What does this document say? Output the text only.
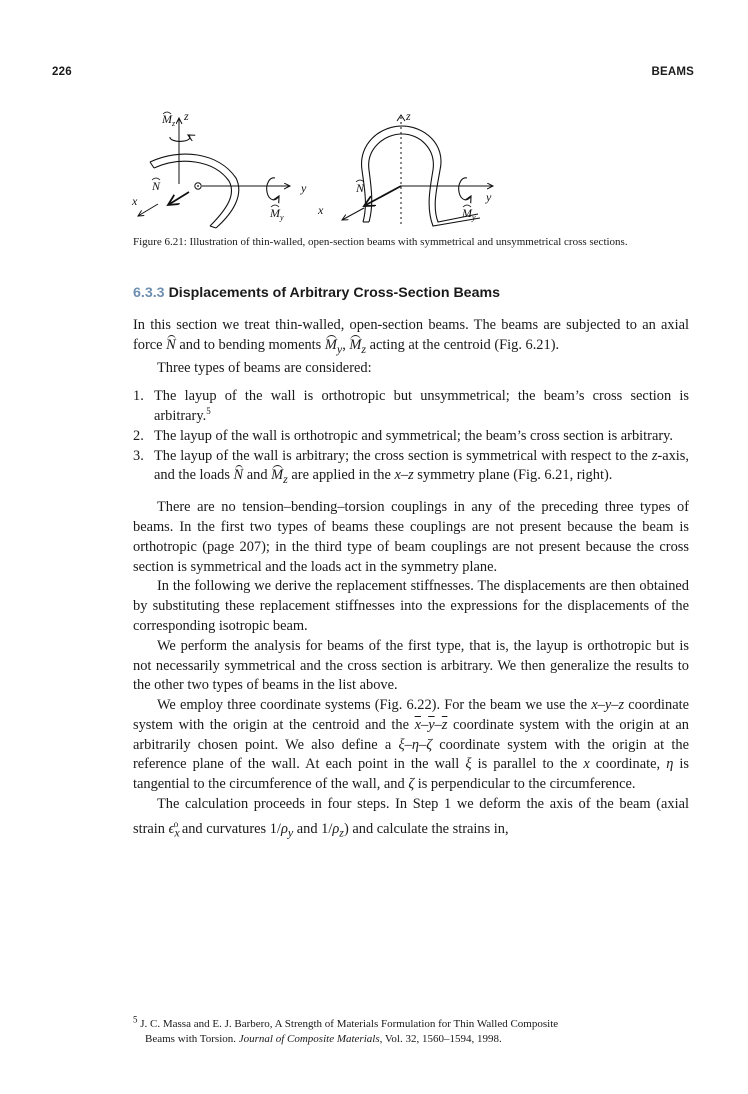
226	BEAMS
$M_z$
z
N
x
y
$M_y$
z
N
x
y
$M_y$
Figure 6.21: Illustration of thin-walled, open-section beams with symmetrical and unsymmetrical cross sections.
6.3.3 Displacements of Arbitrary Cross-Section Beams

In this section we treat thin-walled, open-section beams. The beams are subjected to an axial force N and to bending moments $M_y$, $M_z$ acting at the centroid (Fig. 6.21).

Three types of beams are considered:

1. The layup of the wall is orthotropic but unsymmetrical; the beam’s cross section is arbitrary.$^5$
2. The layup of the wall is orthotropic and symmetrical; the beam’s cross section is arbitrary.
3. The layup of the wall is arbitrary; the cross section is symmetrical with respect to the z-axis, and the loads N and $M_z$ are applied in the x–z symmetry plane (Fig. 6.21, right).

There are no tension–bending–torsion couplings in any of the preceding three types of beams. In the first two types of beams these couplings are not present because the beam is orthotropic (page 207); in the third type of beam couplings are not present because the cross section is symmetrical and the loads act in the symmetry plane.

In the following we derive the replacement stiffnesses. The displacements are then obtained by substituting these replacement stiffnesses into the expressions for the displacements of the corresponding isotropic beam.

We perform the analysis for beams of the first type, that is, the layup is orthotropic but is not necessarily symmetrical and the cross section is arbitrary. We then generalize the results to the other two types of beams in the list above.

We employ three coordinate systems (Fig. 6.22). For the beam we use the x–y–z coordinate system with the origin at the centroid and the $\overline{x}-\overline{y}-\overline{z}$ coordinate system with the origin at an arbitrarily chosen point. We also define a ξ–η–ζ coordinate system with the origin at the reference plane of the wall. At each point in the wall ξ is parallel to the x coordinate, η is tangential to the circumference of the wall, and ζ is perpendicular to the circumference.

The calculation proceeds in four steps. In Step 1 we deform the axis of the beam (axial strain $\epsilon_x^o$ and curvatures $1/\rho_y$ and $1/\rho_z$) and calculate the strains in,

$^5$ J. C. Massa and E. J. Barbero, A Strength of Materials Formulation for Thin Walled Composite
Beams with Torsion. Journal of Composite Materials, Vol. 32, 1560–1594, 1998.
